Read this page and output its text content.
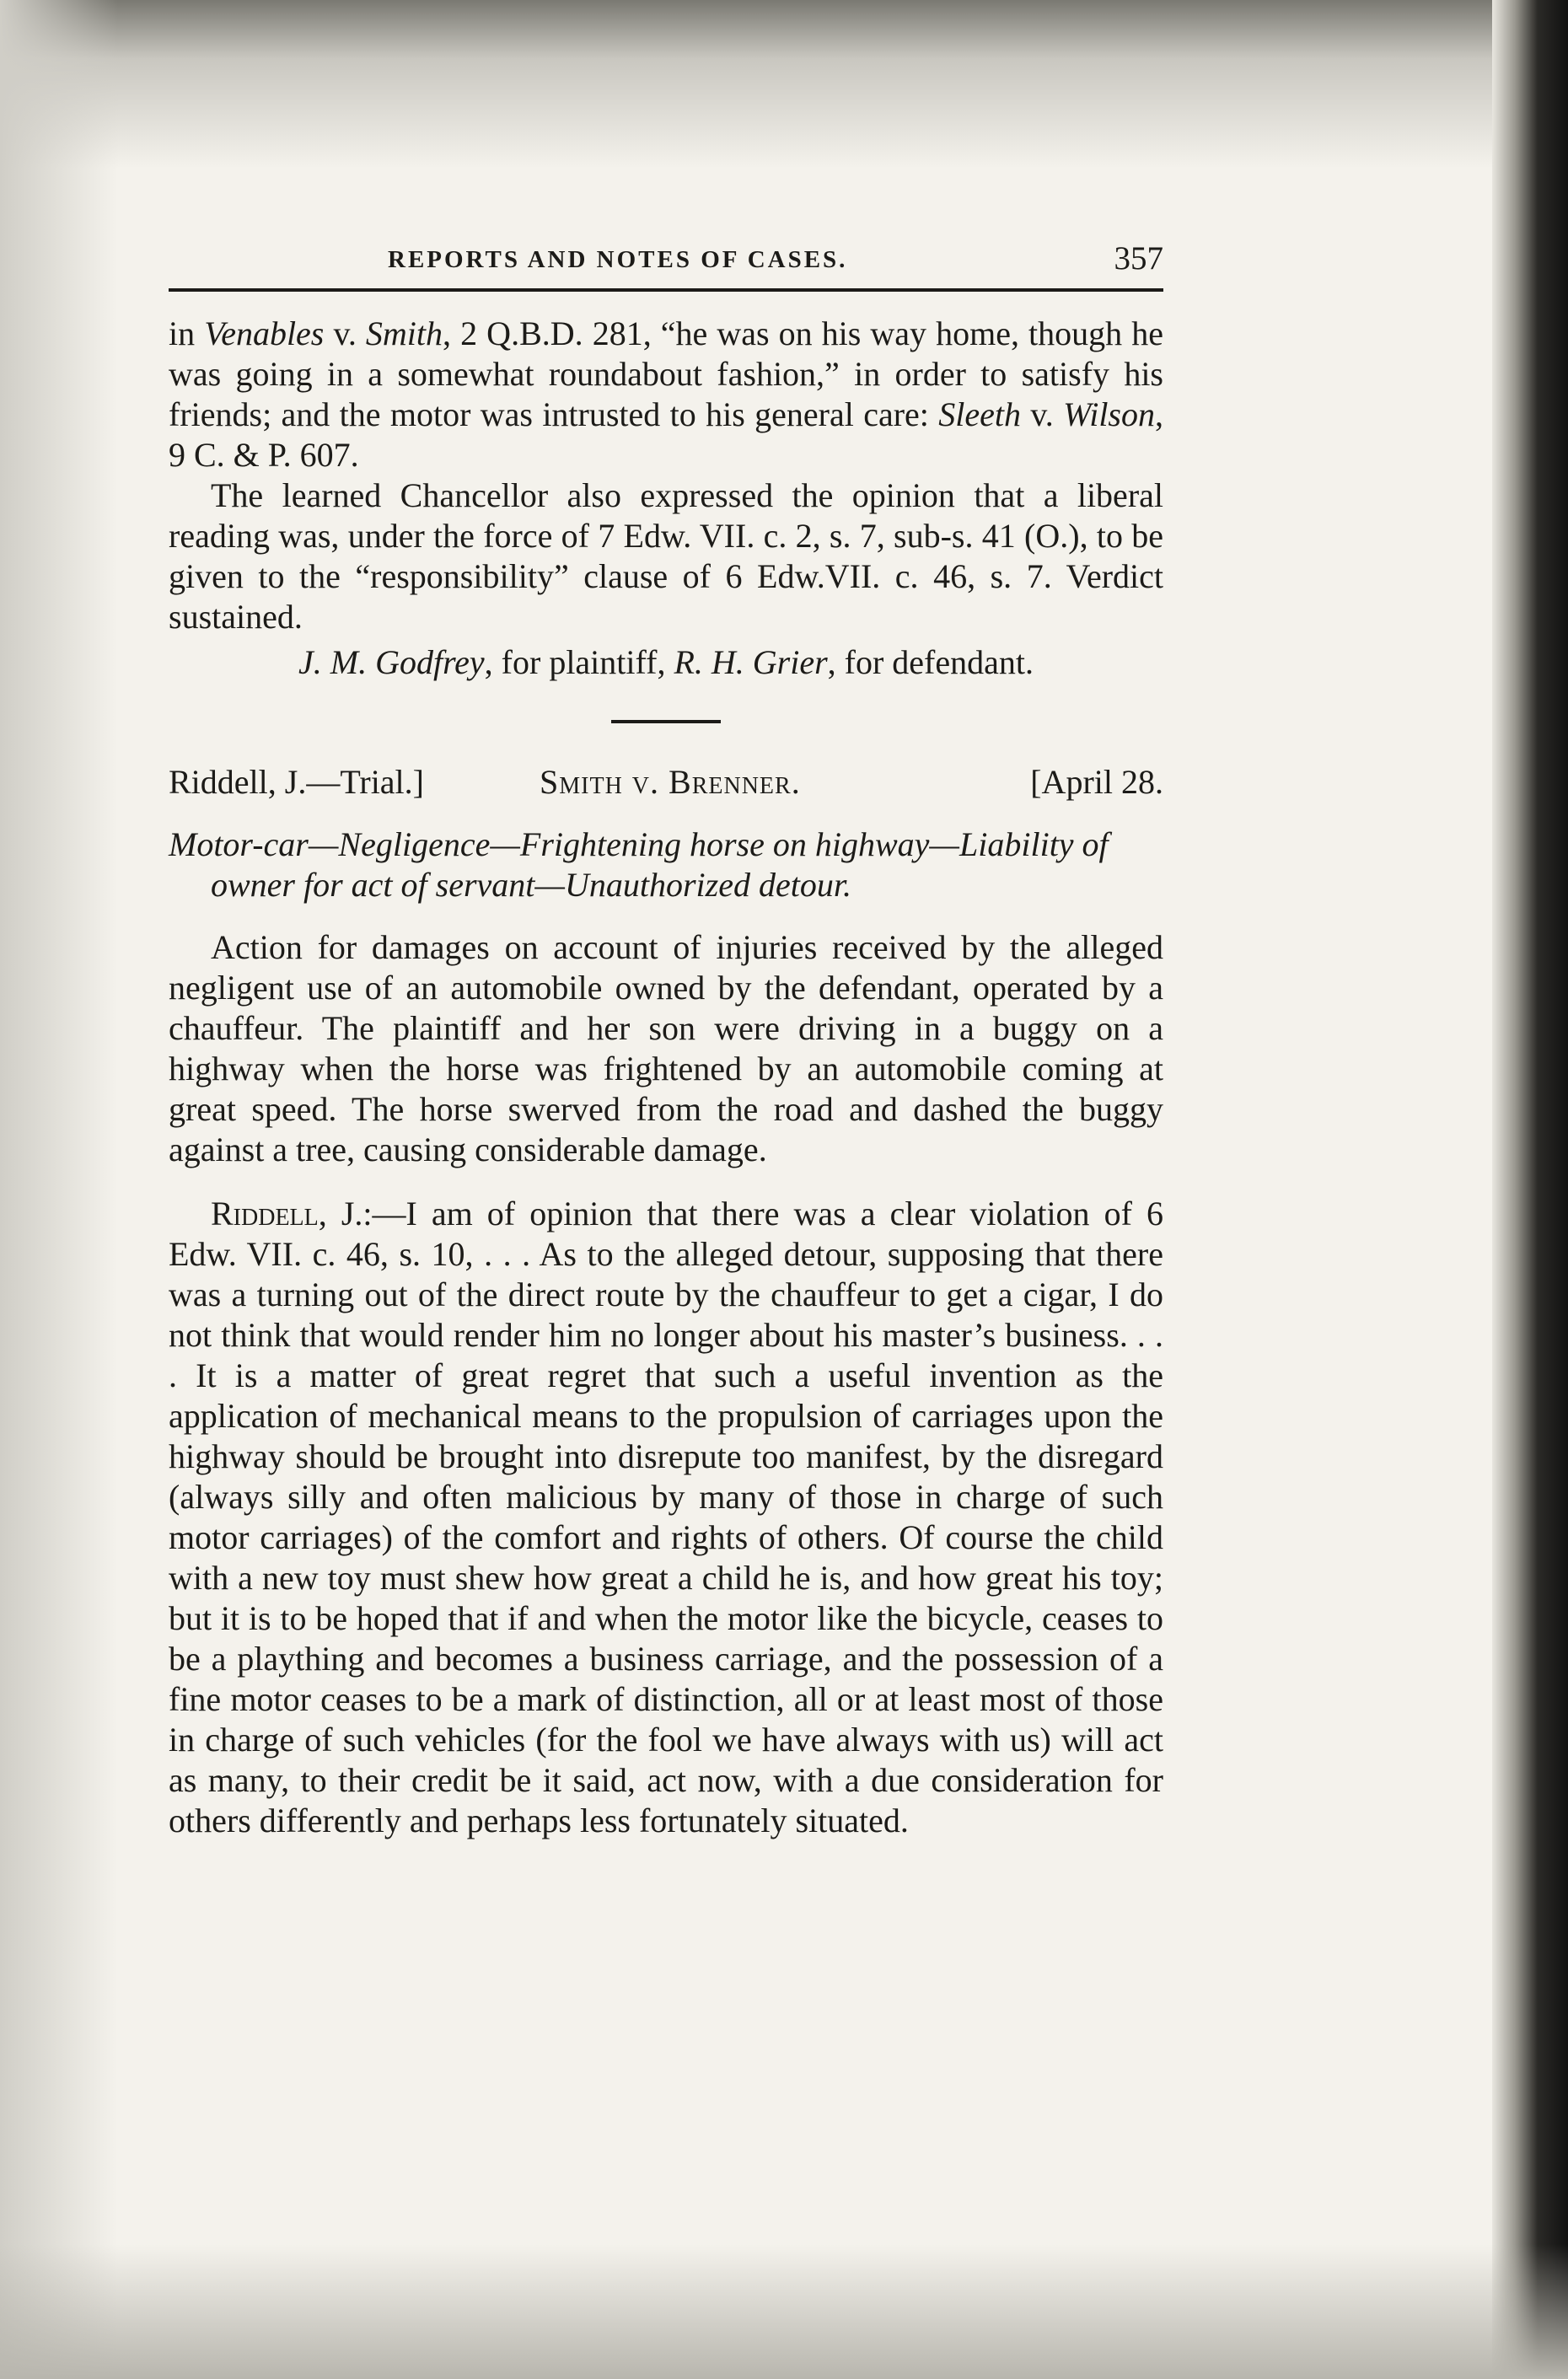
REPORTS AND NOTES OF CASES.	357

in Venables v. Smith, 2 Q.B.D. 281, “he was on his way home, though he was going in a somewhat roundabout fashion,” in order to satisfy his friends; and the motor was intrusted to his general care: Sleeth v. Wilson, 9 C. & P. 607.

The learned Chancellor also expressed the opinion that a liberal reading was, under the force of 7 Edw. VII. c. 2, s. 7, sub-s. 41 (O.), to be given to the “responsibility” clause of 6 Edw.VII. c. 46, s. 7. Verdict sustained.

J. M. Godfrey, for plaintiff, R. H. Grier, for defendant.
Riddell, J.—Trial.]	Smith v. Brenner.	[April 28.

Motor-car—Negligence—Frightening horse on highway—Liability of owner for act of servant—Unauthorized detour.

Action for damages on account of injuries received by the alleged negligent use of an automobile owned by the defendant, operated by a chauffeur. The plaintiff and her son were driving in a buggy on a highway when the horse was frightened by an automobile coming at great speed. The horse swerved from the road and dashed the buggy against a tree, causing considerable damage.

Riddell, J.:—I am of opinion that there was a clear violation of 6 Edw. VII. c. 46, s. 10, . . . As to the alleged detour, supposing that there was a turning out of the direct route by the chauffeur to get a cigar, I do not think that would render him no longer about his master’s business. . . . It is a matter of great regret that such a useful invention as the application of mechanical means to the propulsion of carriages upon the highway should be brought into disrepute too manifest, by the disregard (always silly and often malicious by many of those in charge of such motor carriages) of the comfort and rights of others. Of course the child with a new toy must shew how great a child he is, and how great his toy; but it is to be hoped that if and when the motor like the bicycle, ceases to be a plaything and becomes a business carriage, and the possession of a fine motor ceases to be a mark of distinction, all or at least most of those in charge of such vehicles (for the fool we have always with us) will act as many, to their credit be it said, act now, with a due consideration for others differently and perhaps less fortunately situated.
